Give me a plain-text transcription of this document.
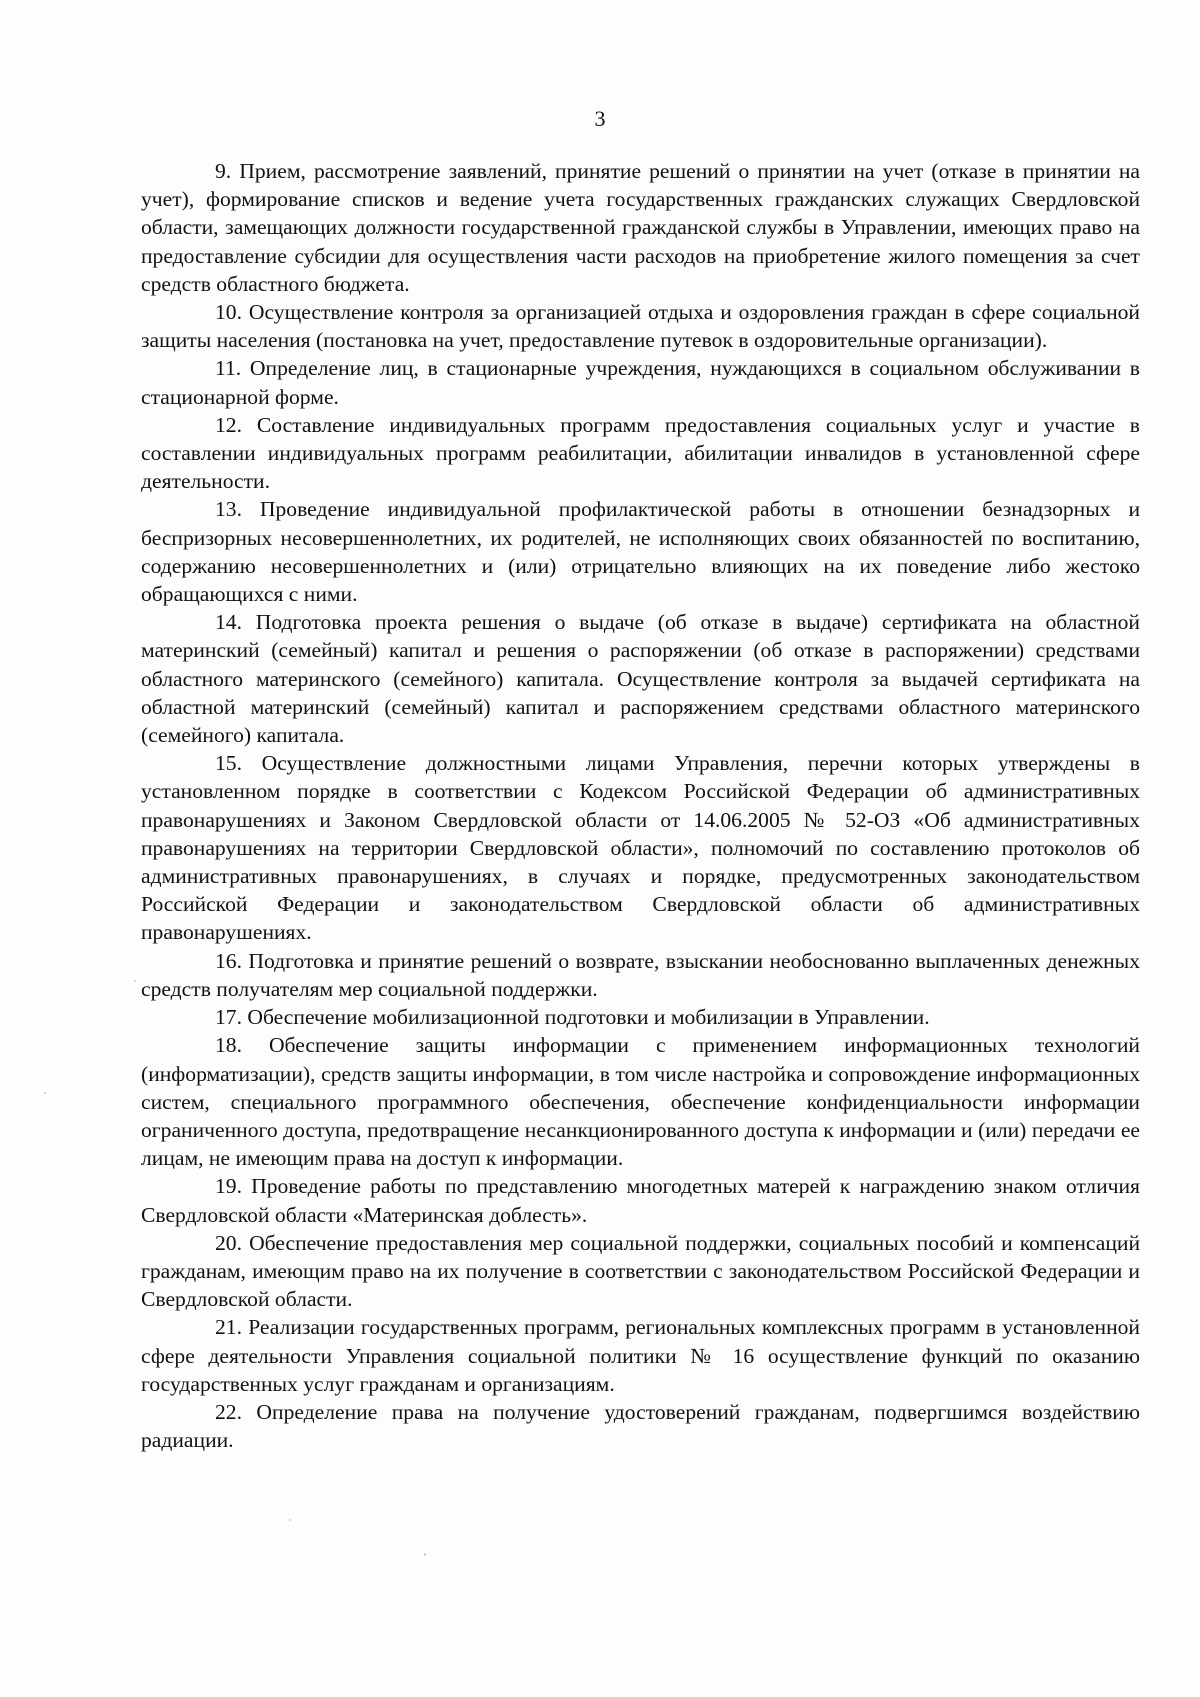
3

9. Прием, рассмотрение заявлений, принятие решений о принятии на учет (отказе в принятии на учет), формирование списков и ведение учета государственных гражданских служащих Свердловской области, замещающих должности государственной гражданской службы в Управлении, имеющих право на предоставление субсидии для осуществления части расходов на приобретение жилого помещения за счет средств областного бюджета.

10. Осуществление контроля за организацией отдыха и оздоровления граждан в сфере социальной защиты населения (постановка на учет, предоставление путевок в оздоровительные организации).

11. Определение лиц, в стационарные учреждения, нуждающихся в социальном обслуживании в стационарной форме.

12. Составление индивидуальных программ предоставления социальных услуг и участие в составлении индивидуальных программ реабилитации, абилитации инвалидов в установленной сфере деятельности.

13. Проведение индивидуальной профилактической работы в отношении безнадзорных и беспризорных несовершеннолетних, их родителей, не исполняющих своих обязанностей по воспитанию, содержанию несовершеннолетних и (или) отрицательно влияющих на их поведение либо жестоко обращающихся с ними.

14. Подготовка проекта решения о выдаче (об отказе в выдаче) сертификата на областной материнский (семейный) капитал и решения о распоряжении (об отказе в распоряжении) средствами областного материнского (семейного) капитала. Осуществление контроля за выдачей сертификата на областной материнский (семейный) капитал и распоряжением средствами областного материнского (семейного) капитала.

15. Осуществление должностными лицами Управления, перечни которых утверждены в установленном порядке в соответствии с Кодексом Российской Федерации об административных правонарушениях и Законом Свердловской области от 14.06.2005 № 52-ОЗ «Об административных правонарушениях на территории Свердловской области», полномочий по составлению протоколов об административных правонарушениях, в случаях и порядке, предусмотренных законодательством Российской Федерации и законодательством Свердловской области об административных правонарушениях.

16. Подготовка и принятие решений о возврате, взыскании необоснованно выплаченных денежных средств получателям мер социальной поддержки.

17. Обеспечение мобилизационной подготовки и мобилизации в Управлении.

18. Обеспечение защиты информации с применением информационных технологий (информатизации), средств защиты информации, в том числе настройка и сопровождение информационных систем, специального программного обеспечения, обеспечение конфиденциальности информации ограниченного доступа, предотвращение несанкционированного доступа к информации и (или) передачи ее лицам, не имеющим права на доступ к информации.

19. Проведение работы по представлению многодетных матерей к награждению знаком отличия Свердловской области «Материнская доблесть».

20. Обеспечение предоставления мер социальной поддержки, социальных пособий и компенсаций гражданам, имеющим право на их получение в соответствии с законодательством Российской Федерации и Свердловской области.

21. Реализации государственных программ, региональных комплексных программ в установленной сфере деятельности Управления социальной политики № 16 осуществление функций по оказанию государственных услуг гражданам и организациям.

22. Определение права на получение удостоверений гражданам, подвергшимся воздействию радиации.
